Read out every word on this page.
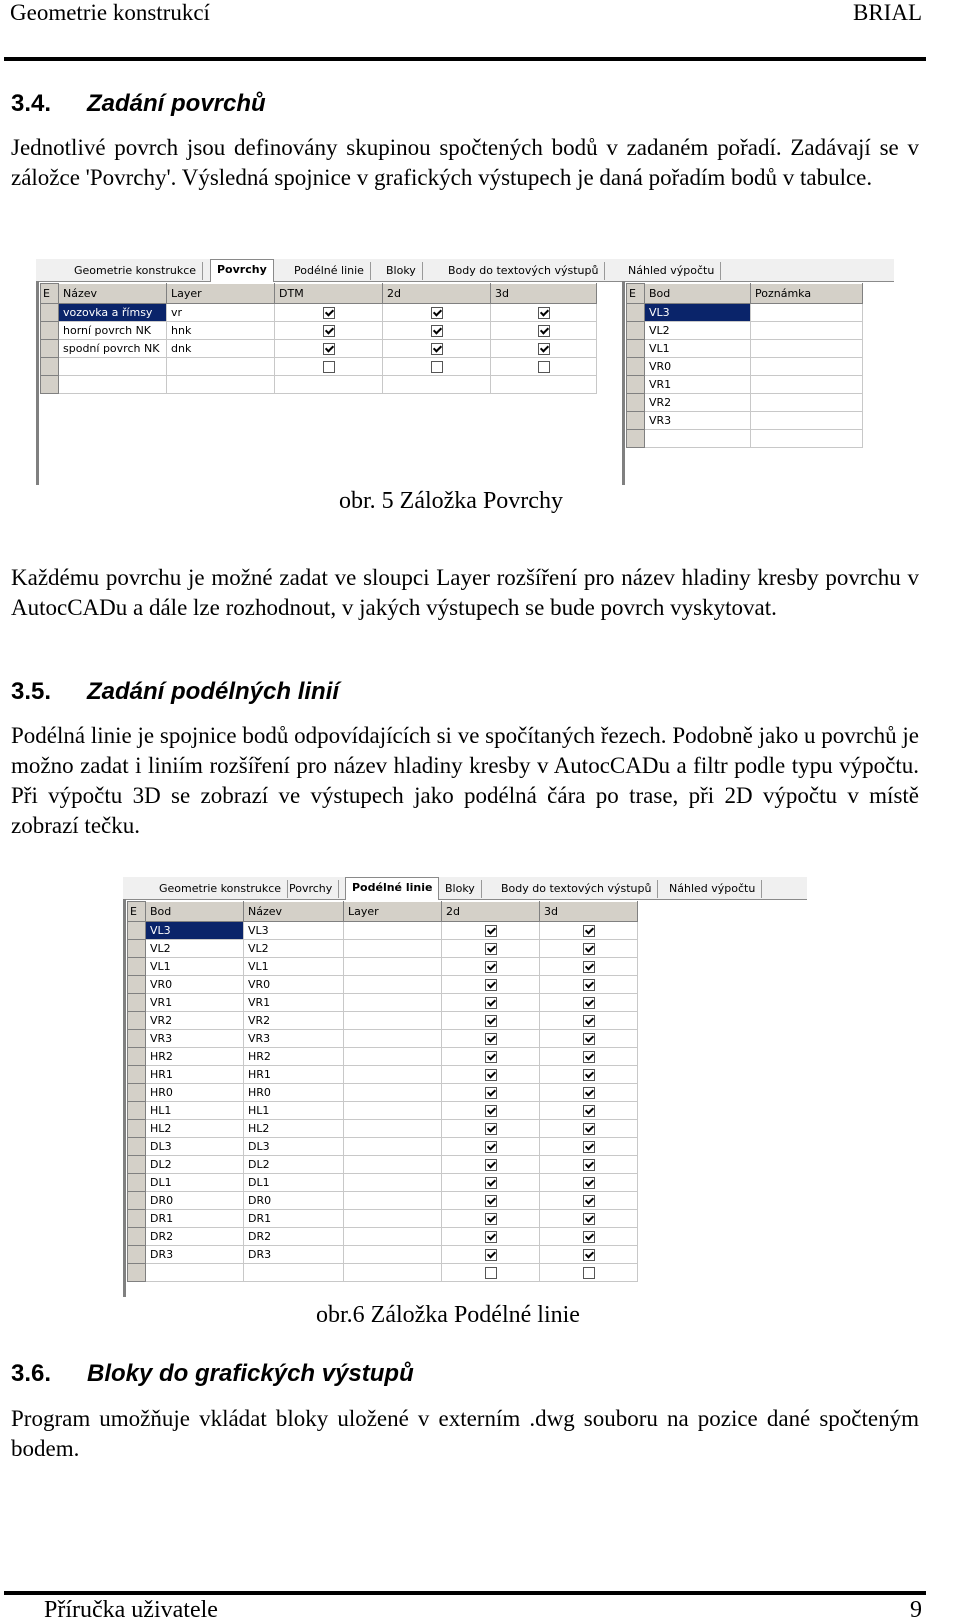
Geometrie konstrukcí	BRIAL
3.4. Zadání povrchů

Jednotlivé povrch jsou definovány skupinou spočtených bodů v zadaném pořadí. Zadávají se v záložce 'Povrchy'. Výsledná spojnice v grafických výstupech je daná pořadím bodů v tabulce.

Geometrie konstrukce	Povrchy	Podélné linie	Bloky	Body do textových výstupů	Náhled výpočtu
E	Název	Layer	DTM	2d	3d
	vozovka a římsy	vr			
	horní povrch NK	hnk			
	spodní povrch NK	dnk			

E	Bod	Poznámka
	VL3	
	VL2	
	VL1	
	VR0	
	VR1	
	VR2	
	VR3	

obr. 5 Záložka Povrchy

Každému povrchu je možné zadat ve sloupci Layer rozšíření pro název hladiny kresby povrchu v AutocCADu a dále lze rozhodnout, v jakých výstupech se bude povrch vyskytovat.

3.5. Zadání podélných linií

Podélná linie je spojnice bodů odpovídajících si ve spočítaných řezech. Podobně jako u povrchů je možno zadat i liniím rozšíření pro název hladiny kresby v AutocCADu a filtr podle typu výpočtu. Při výpočtu 3D se zobrazí ve výstupech jako podélná čára po trase, při 2D výpočtu v místě zobrazí tečku.

Geometrie konstrukce Povrchy	Podélné linie	Bloky	Body do textových výstupů	Náhled výpočtu
E	Bod	Název	Layer	2d	3d
	VL3	VL3			
	VL2	VL2			
	VL1	VL1			
	VR0	VR0			
	VR1	VR1			
	VR2	VR2			
	VR3	VR3			
	HR2	HR2			
	HR1	HR1			
	HR0	HR0			
	HL1	HL1			
	HL2	HL2			
	DL3	DL3			
	DL2	DL2			
	DL1	DL1			
	DR0	DR0			
	DR1	DR1			
	DR2	DR2			
	DR3	DR3			

obr.6 Záložka Podélné linie
3.6. Bloky do grafických výstupů

Program umožňuje vkládat bloky uložené v externím .dwg souboru na pozice dané spočteným bodem.

Příručka uživatele	9
